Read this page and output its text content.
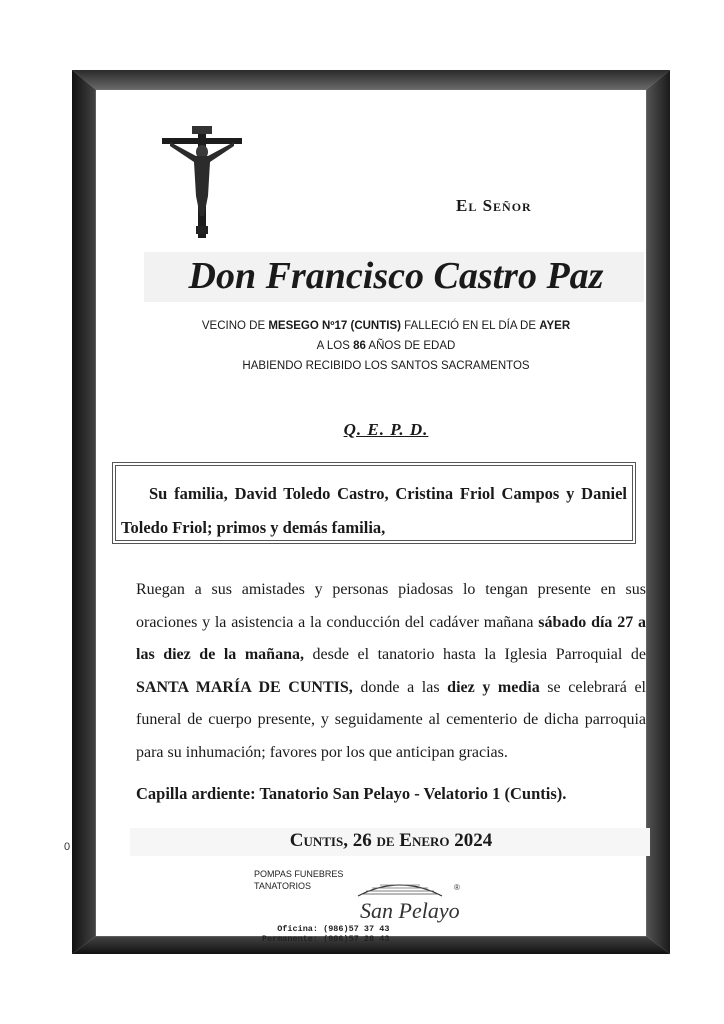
0
El Señor
Don Francisco Castro Paz
VECINO DE MESEGO Nº17 (CUNTIS) FALLECIÓ EN EL DÍA DE AYER
A LOS 86 AÑOS DE EDAD
HABIENDO RECIBIDO LOS SANTOS SACRAMENTOS
Q. E. P. D.
Su familia, David Toledo Castro, Cristina Friol Campos y Daniel Toledo Friol; primos y demás familia,
Ruegan a sus amistades y personas piadosas lo tengan presente en sus oraciones y la asistencia a la conducción del cadáver mañana sábado día 27 a las diez de la mañana, desde el tanatorio hasta la Iglesia Parroquial de SANTA MARÍA DE CUNTIS, donde a las diez y media se celebrará el funeral de cuerpo presente, y seguidamente al cementerio de dicha parroquia para su inhumación; favores por los que anticipan gracias.
Capilla ardiente: Tanatorio San Pelayo - Velatorio 1 (Cuntis).
Cuntis, 26 de Enero 2024
POMPAS FUNEBRES
TANATORIOS
San Pelayo
®
Oficina: (986)57 37 43
Permanente: (986)57 28 43
